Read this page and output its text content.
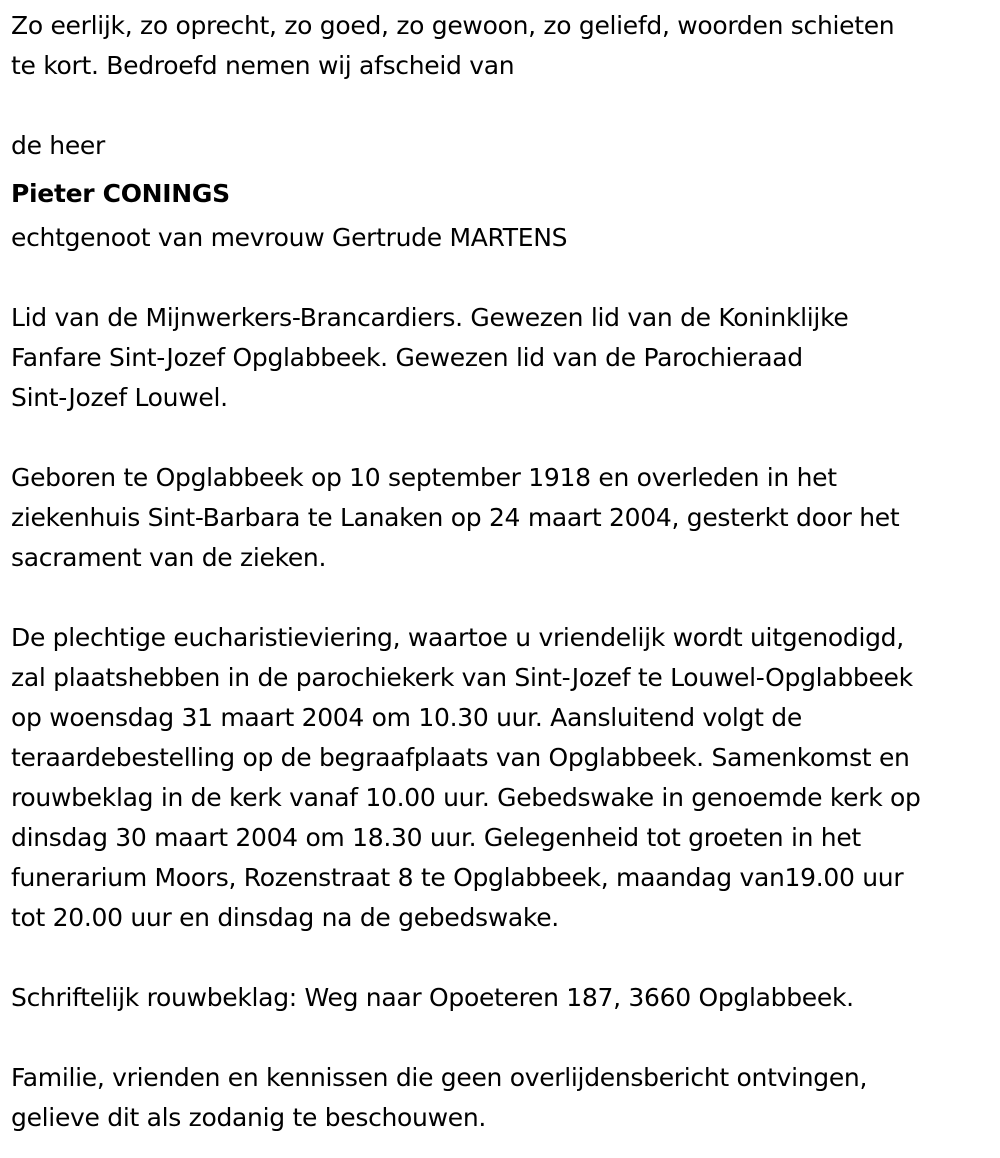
Zo eerlijk, zo oprecht, zo goed, zo gewoon, zo geliefd, woorden schieten
te kort. Bedroefd nemen wij afscheid van

de heer

Pieter CONINGS

echtgenoot van mevrouw Gertrude MARTENS

Lid van de Mijnwerkers-Brancardiers. Gewezen lid van de Koninklijke
Fanfare Sint-Jozef Opglabbeek. Gewezen lid van de Parochieraad
Sint-Jozef Louwel.

Geboren te Opglabbeek op 10 september 1918 en overleden in het
ziekenhuis Sint-Barbara te Lanaken op 24 maart 2004, gesterkt door het
sacrament van de zieken.

De plechtige eucharistieviering, waartoe u vriendelijk wordt uitgenodigd,
zal plaatshebben in de parochiekerk van Sint-Jozef te Louwel-Opglabbeek
op woensdag 31 maart 2004 om 10.30 uur. Aansluitend volgt de
teraardebestelling op de begraafplaats van Opglabbeek. Samenkomst en
rouwbeklag in de kerk vanaf 10.00 uur. Gebedswake in genoemde kerk op
dinsdag 30 maart 2004 om 18.30 uur. Gelegenheid tot groeten in het
funerarium Moors, Rozenstraat 8 te Opglabbeek, maandag van19.00 uur
tot 20.00 uur en dinsdag na de gebedswake.

Schriftelijk rouwbeklag: Weg naar Opoeteren 187, 3660 Opglabbeek.

Familie, vrienden en kennissen die geen overlijdensbericht ontvingen,
gelieve dit als zodanig te beschouwen.
